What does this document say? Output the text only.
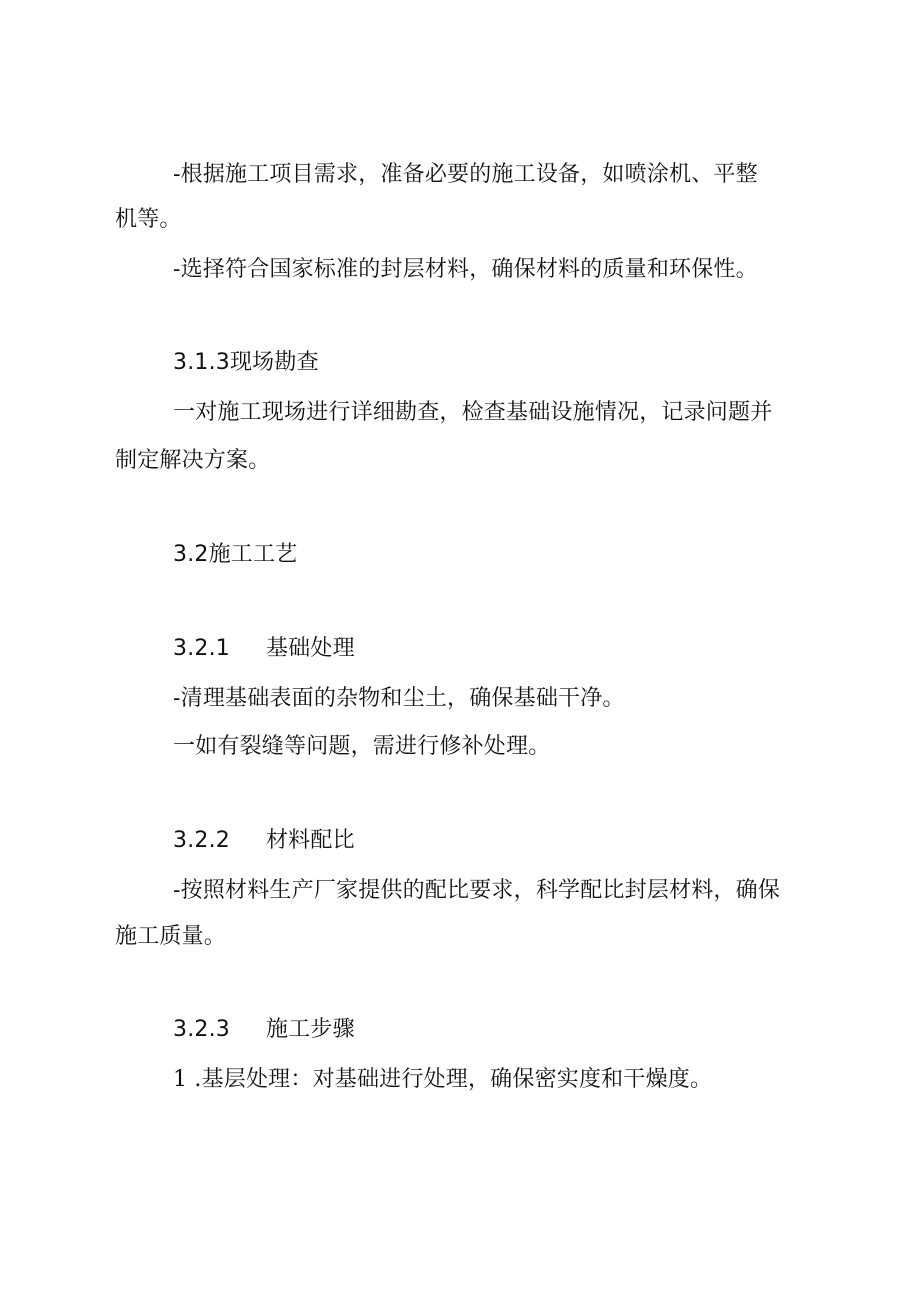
-根据施工项目需求，准备必要的施工设备，如喷涂机、平整
机等。
-选择符合国家标准的封层材料，确保材料的质量和环保性。
3.1.3现场勘查
一对施工现场进行详细勘查，检查基础设施情况，记录问题并
制定解决方案。
3.2施工工艺
3.2.1 基础处理
-清理基础表面的杂物和尘土，确保基础干净。
一如有裂缝等问题，需进行修补处理。
3.2.2 材料配比
-按照材料生产厂家提供的配比要求，科学配比封层材料，确保
施工质量。
3.2.3 施工步骤
1 .基层处理：对基础进行处理，确保密实度和干燥度。
